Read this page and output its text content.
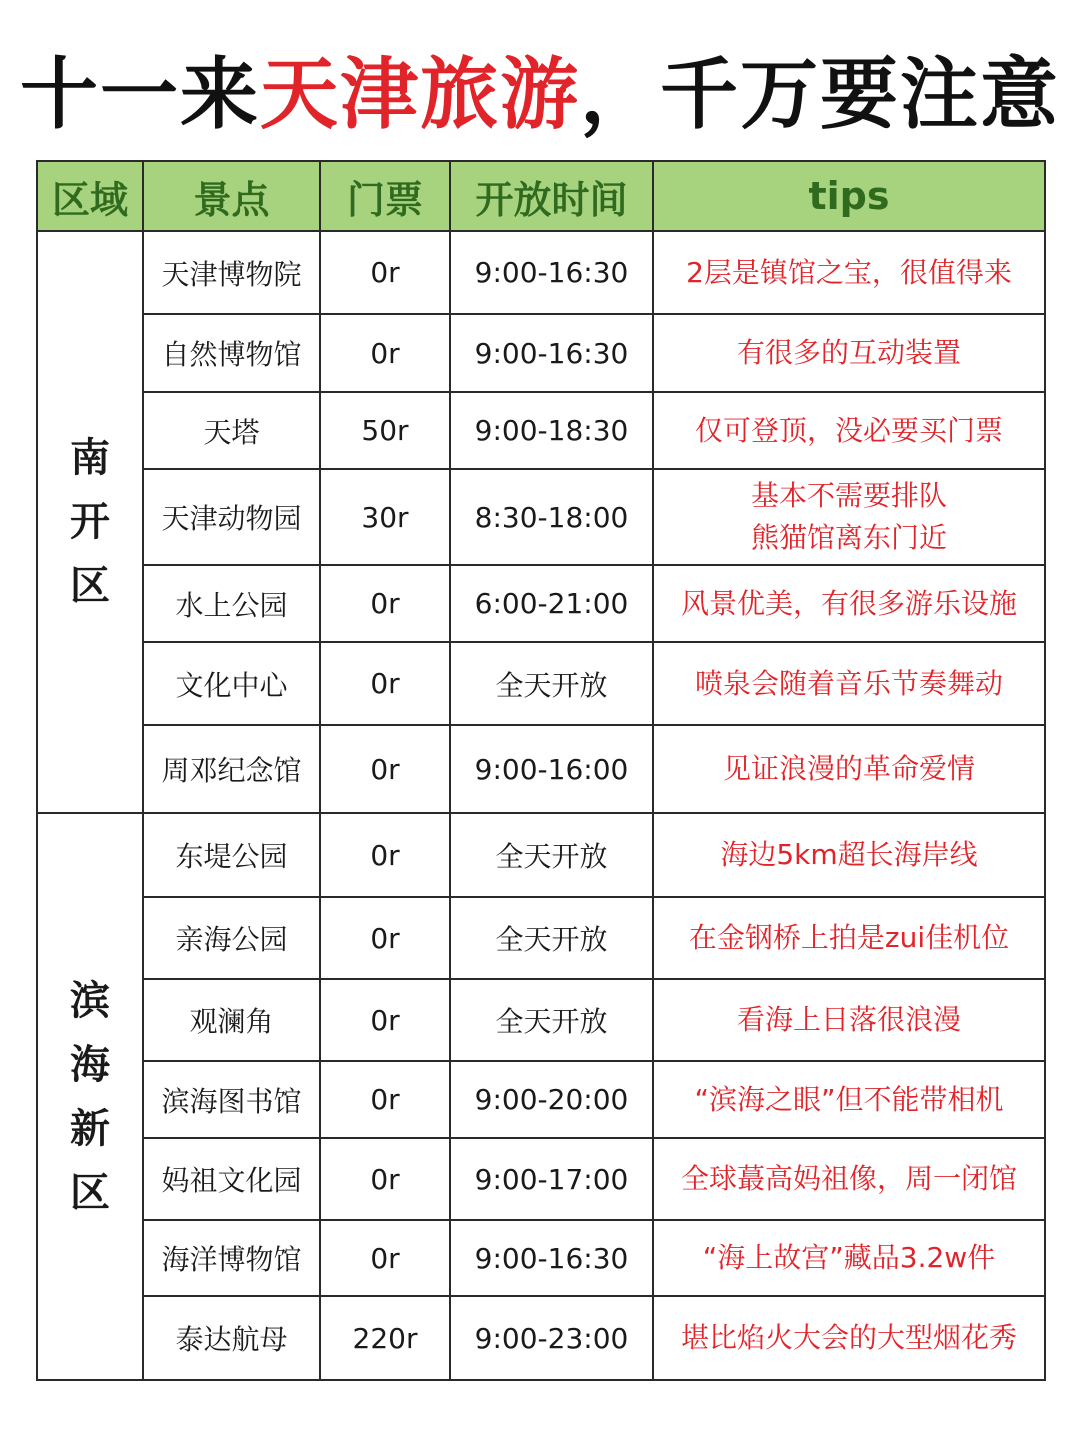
十一来天津旅游，千万要注意
区域	景点	门票	开放时间	tips

南
开
区	天津博物院	0r	9:00-16:30	2层是镇馆之宝，很值得来

	自然博物馆	0r	9:00-16:30	有很多的互动装置

	天塔	50r	9:00-18:30	仅可登顶，没必要买门票

	天津动物园	30r	8:30-18:00	基本不需要排队
熊猫馆离东门近

	水上公园	0r	6:00-21:00	风景优美，有很多游乐设施

	文化中心	0r	全天开放	喷泉会随着音乐节奏舞动

	周邓纪念馆	0r	9:00-16:00	见证浪漫的革命爱情

滨
海
新
区	东堤公园	0r	全天开放	海边5km超长海岸线

	亲海公园	0r	全天开放	在金钢桥上拍是zui佳机位

	观澜角	0r	全天开放	看海上日落很浪漫

	滨海图书馆	0r	9:00-20:00	“滨海之眼”但不能带相机

	妈祖文化园	0r	9:00-17:00	全球蕞高妈祖像，周一闭馆

	海洋博物馆	0r	9:00-16:30	“海上故宫”藏品3.2w件

	泰达航母	220r	9:00-23:00	堪比焰火大会的大型烟花秀
